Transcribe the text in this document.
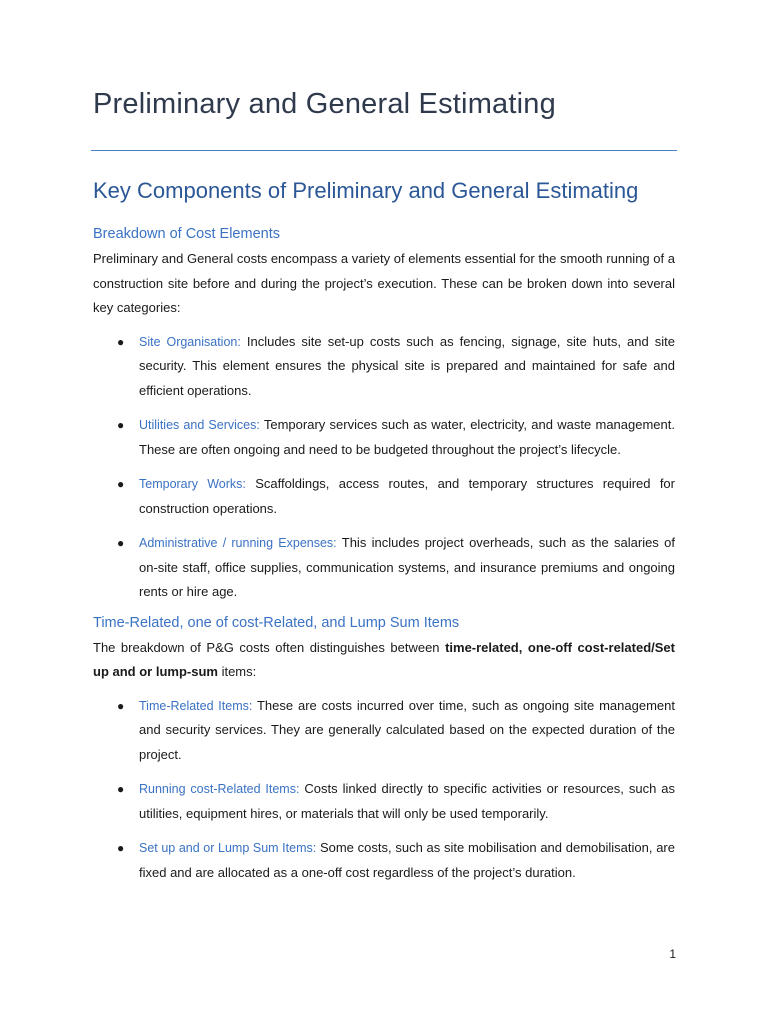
Preliminary and General Estimating
Key Components of Preliminary and General Estimating
Breakdown of Cost Elements

Preliminary and General costs encompass a variety of elements essential for the smooth running of a construction site before and during the project’s execution. These can be broken down into several key categories:

● Site Organisation: Includes site set-up costs such as fencing, signage, site huts, and site security. This element ensures the physical site is prepared and maintained for safe and efficient operations.
● Utilities and Services: Temporary services such as water, electricity, and waste management. These are often ongoing and need to be budgeted throughout the project’s lifecycle.
● Temporary Works: Scaffoldings, access routes, and temporary structures required for construction operations.
● Administrative / running Expenses: This includes project overheads, such as the salaries of on-site staff, office supplies, communication systems, and insurance premiums and ongoing rents or hire age.
Time-Related, one of cost-Related, and Lump Sum Items

The breakdown of P&G costs often distinguishes between time-related, one-off cost-related/Set up and or lump-sum items:

● Time-Related Items: These are costs incurred over time, such as ongoing site management and security services. They are generally calculated based on the expected duration of the project.
● Running cost-Related Items: Costs linked directly to specific activities or resources, such as utilities, equipment hires, or materials that will only be used temporarily.
● Set up and or Lump Sum Items: Some costs, such as site mobilisation and demobilisation, are fixed and are allocated as a one-off cost regardless of the project’s duration.
1
